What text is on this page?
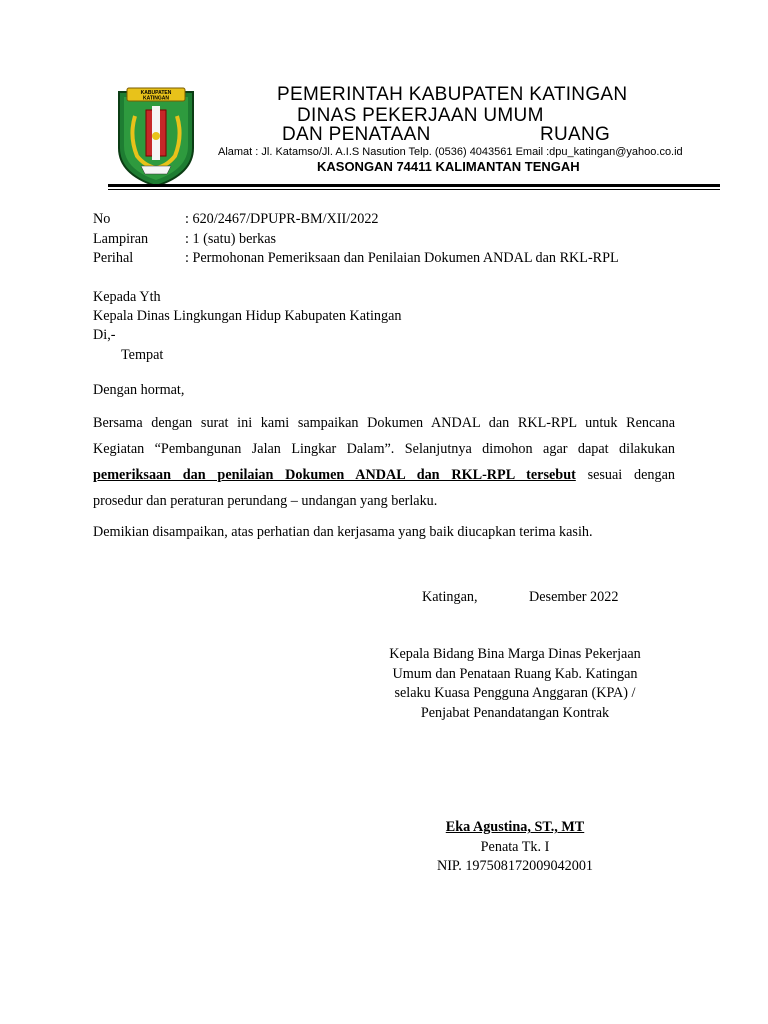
KABUPATEN
KATINGAN	PEMERINTAH KABUPATEN KATINGAN
DINAS PEKERJAAN UMUM
DAN PENATAAN	RUANG
Alamat : Jl. Katamso/Jl. A.I.S Nasution Telp. (0536) 4043561 Email :dpu_katingan@yahoo.co.id
KASONGAN 74411 KALIMANTAN TENGAH
No	: 620/2467/DPUPR-BM/XII/2022
Lampiran	: 1 (satu) berkas
Perihal	: Permohonan Pemeriksaan dan Penilaian Dokumen ANDAL dan RKL-RPL
Kepada Yth
Kepala Dinas Lingkungan Hidup Kabupaten Katingan
Di,-
Tempat
Dengan hormat,
Bersama dengan surat ini kami sampaikan Dokumen ANDAL dan RKL-RPL untuk Rencana
Kegiatan “Pembangunan Jalan Lingkar Dalam”. Selanjutnya dimohon agar dapat dilakukan
pemeriksaan dan penilaian Dokumen ANDAL dan RKL-RPL tersebut sesuai dengan
prosedur dan peraturan perundang – undangan yang berlaku.
Demikian disampaikan, atas perhatian dan kerjasama yang baik diucapkan terima kasih.
Katingan,	Desember 2022
Kepala Bidang Bina Marga Dinas Pekerjaan
Umum dan Penataan Ruang Kab. Katingan
selaku Kuasa Pengguna Anggaran (KPA) /
Penjabat Penandatangan Kontrak
Eka Agustina, ST., MT
Penata Tk. I
NIP. 197508172009042001
